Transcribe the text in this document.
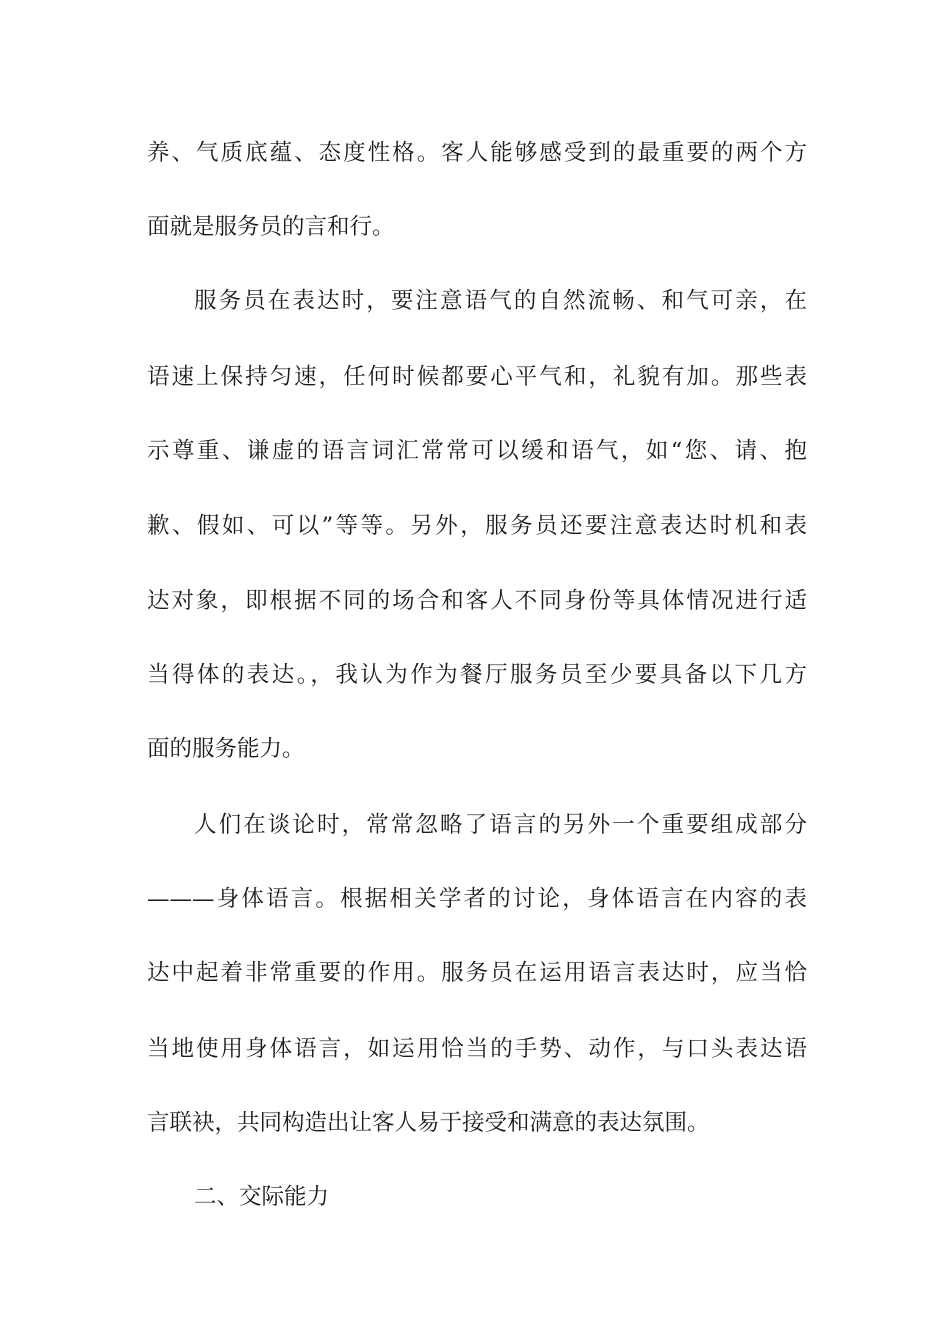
养、气质底蕴、态度性格。客人能够感受到的最重要的两个方
面就是服务员的言和行。
服务员在表达时，要注意语气的自然流畅、和气可亲，在
语速上保持匀速，任何时候都要心平气和，礼貌有加。那些表
示尊重、谦虚的语言词汇常常可以缓和语气，如“您、请、抱
歉、假如、可以”等等。另外，服务员还要注意表达时机和表
达对象，即根据不同的场合和客人不同身份等具体情况进行适
当得体的表达。，我认为作为餐厅服务员至少要具备以下几方
面的服务能力。
人们在谈论时，常常忽略了语言的另外一个重要组成部分
———身体语言。根据相关学者的讨论，身体语言在内容的表
达中起着非常重要的作用。服务员在运用语言表达时，应当恰
当地使用身体语言，如运用恰当的手势、动作，与口头表达语
言联袂，共同构造出让客人易于接受和满意的表达氛围。
二、交际能力
